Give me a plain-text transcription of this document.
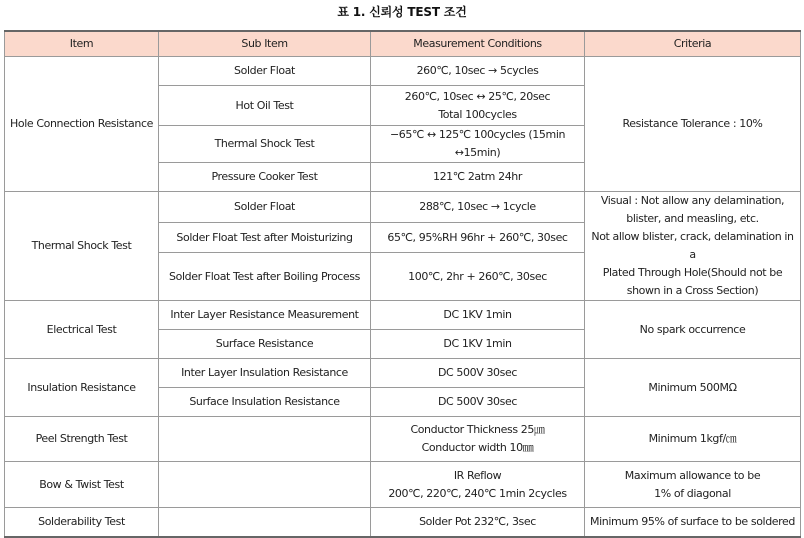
표 1. 신뢰성 TEST 조건
Item	Sub Item	Measurement Conditions	Criteria
Hole Connection Resistance	Solder Float	260℃, 10sec → 5cycles	Resistance Tolerance : 10%

	Hot Oil Test	260℃, 10sec ↔ 25℃, 20sec
Total 100cycles	

	Thermal Shock Test	−65℃ ↔ 125℃ 100cycles (15min ↔15min)	

	Pressure Cooker Test	121℃ 2atm 24hr	

Thermal Shock Test	Solder Float	288℃, 10sec → 1cycle	Visual : Not allow any delamination,
blister, and measling, etc.
Not allow blister, crack, delamination in a
Plated Through Hole(Should not be
shown in a Cross Section)

	Solder Float Test after Moisturizing	65℃, 95%RH 96hr + 260℃, 30sec	

	Solder Float Test after Boiling Process	100℃, 2hr + 260℃, 30sec	

Electrical Test	Inter Layer Resistance Measurement	DC 1KV 1min	No spark occurrence

	Surface Resistance	DC 1KV 1min	

Insulation Resistance	Inter Layer Insulation Resistance	DC 500V 30sec	Minimum 500MΩ

	Surface Insulation Resistance	DC 500V 30sec	

Peel Strength Test		Conductor Thickness 25㎛
Conductor width 10㎜	Minimum 1kgf/㎝

Bow & Twist Test		IR Reflow
200℃, 220℃, 240℃ 1min 2cycles	Maximum allowance to be
1% of diagonal

Solderability Test		Solder Pot 232℃, 3sec	Minimum 95% of surface to be soldered
